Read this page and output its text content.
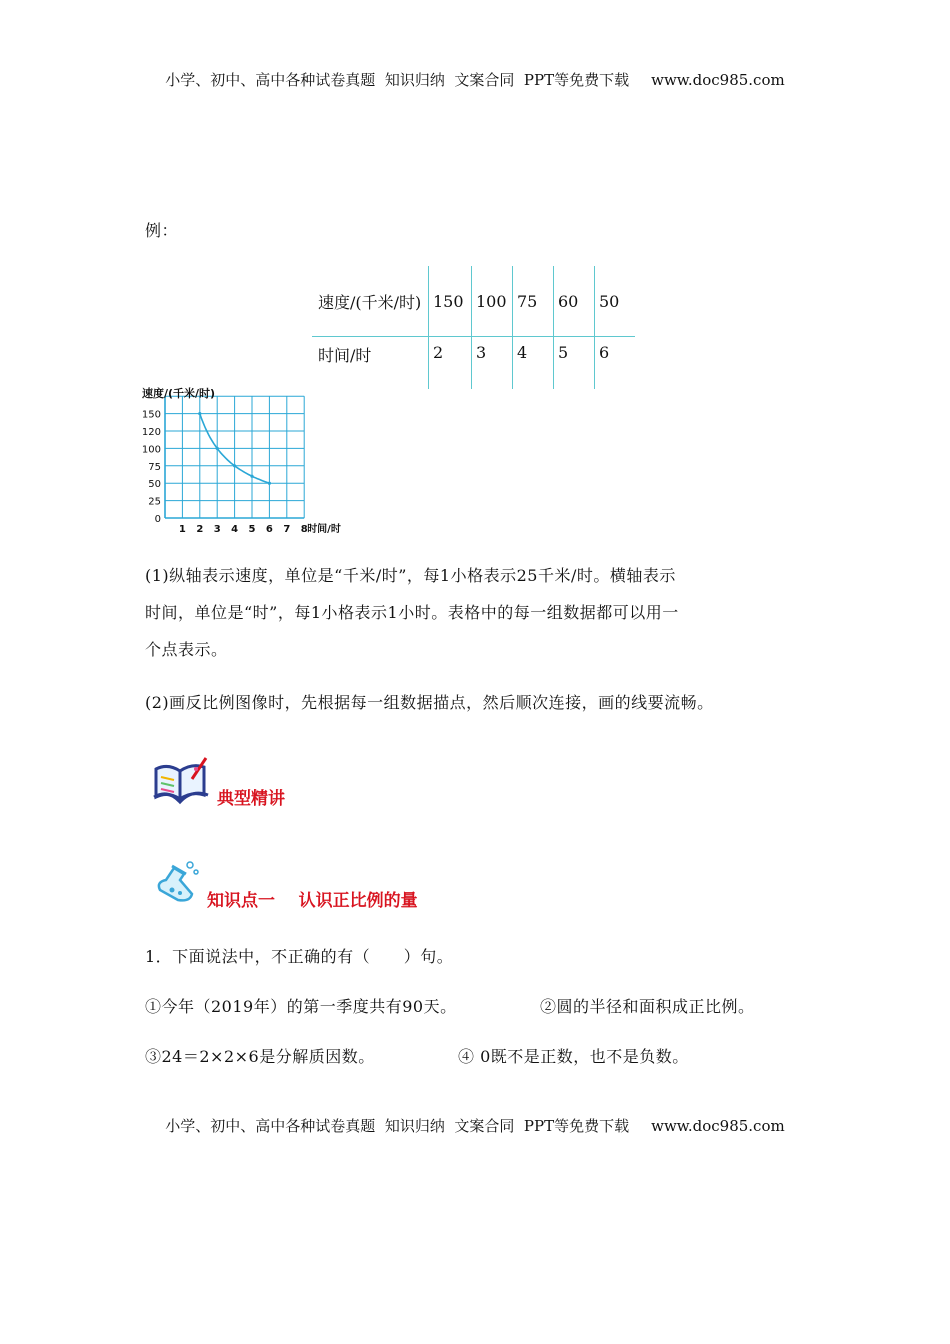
小学、初中、高中各种试卷真题  知识归纳  文案合同  PPT等免费下载 www.doc985.com
例：
速度/(千米/时)	150	100	75	60	50
时间/时	2	3	4	5	6
速度/(千米/时)
时间/时
1 2 3 4 5 6 7 8
0
25
50
75
100
120
150
(1)纵轴表示速度，单位是“千米/时”，每1小格表示25千米/时。横轴表示
时间，单位是“时”，每1小格表示1小时。表格中的每一组数据都可以用一
个点表示。
(2)画反比例图像时，先根据每一组数据描点，然后顺次连接，画的线要流畅。
典型精讲
知识点一    认识正比例的量
1．下面说法中，不正确的有（      ）句。
①今年（2019年）的第一季度共有90天。	②圆的半径和面积成正比例。
③24＝2×2×6是分解质因数。	④ 0既不是正数，也不是负数。
小学、初中、高中各种试卷真题  知识归纳  文案合同  PPT等免费下载 www.doc985.com
